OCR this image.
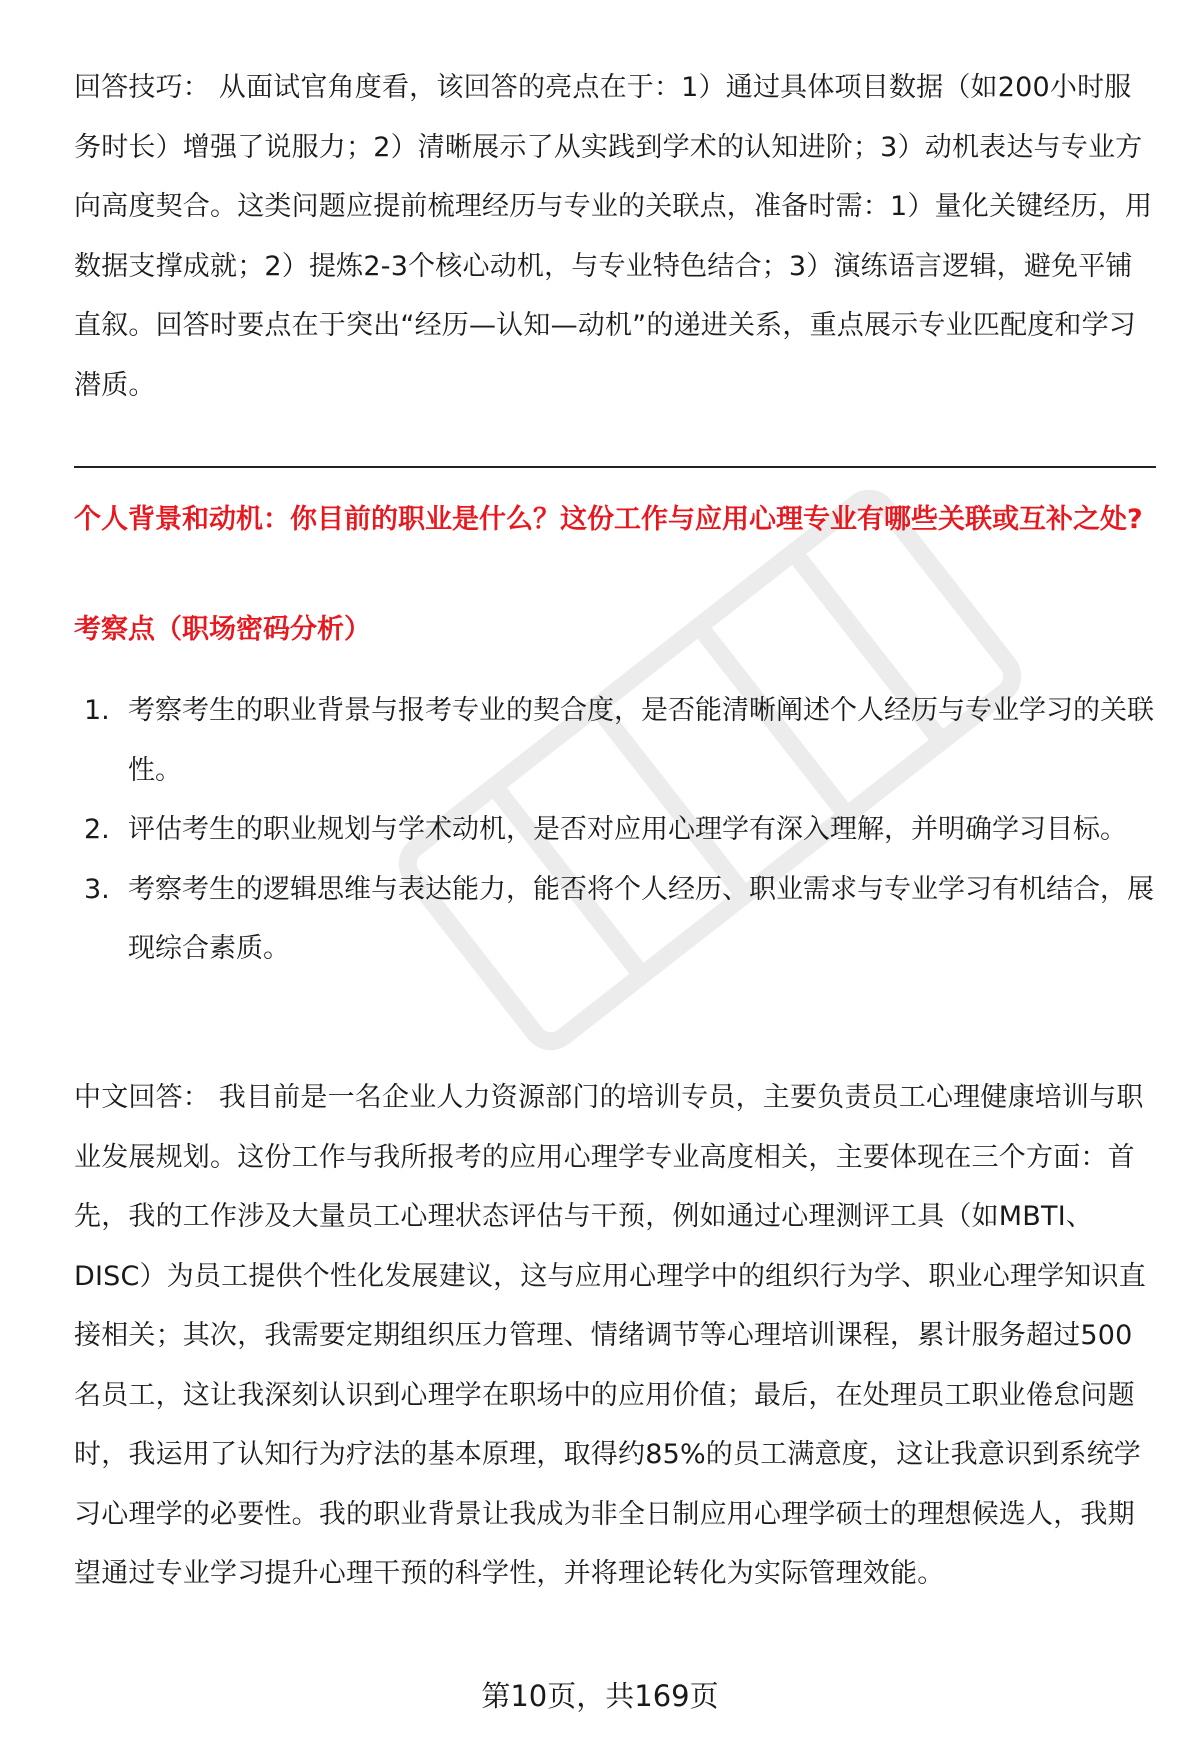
回答技巧： 从面试官角度看，该回答的亮点在于：1）通过具体项目数据（如200小时服务时长）增强了说服力；2）清晰展示了从实践到学术的认知进阶；3）动机表达与专业方向高度契合。这类问题应提前梳理经历与专业的关联点，准备时需：1）量化关键经历，用数据支撑成就；2）提炼2-3个核心动机，与专业特色结合；3）演练语言逻辑，避免平铺直叙。回答时要点在于突出“经历—认知—动机”的递进关系，重点展示专业匹配度和学习潜质。

个人背景和动机：你目前的职业是什么？这份工作与应用心理专业有哪些关联或互补之处?
考察点（职场密码分析）
1. 考察考生的职业背景与报考专业的契合度，是否能清晰阐述个人经历与专业学习的关联性。
2. 评估考生的职业规划与学术动机，是否对应用心理学有深入理解，并明确学习目标。
3. 考察考生的逻辑思维与表达能力，能否将个人经历、职业需求与专业学习有机结合，展现综合素质。

中文回答： 我目前是一名企业人力资源部门的培训专员，主要负责员工心理健康培训与职业发展规划。这份工作与我所报考的应用心理学专业高度相关，主要体现在三个方面：首先，我的工作涉及大量员工心理状态评估与干预，例如通过心理测评工具（如MBTI、DISC）为员工提供个性化发展建议，这与应用心理学中的组织行为学、职业心理学知识直接相关；其次，我需要定期组织压力管理、情绪调节等心理培训课程，累计服务超过500名员工，这让我深刻认识到心理学在职场中的应用价值；最后，在处理员工职业倦怠问题时，我运用了认知行为疗法的基本原理，取得约85%的员工满意度，这让我意识到系统学习心理学的必要性。我的职业背景让我成为非全日制应用心理学硕士的理想候选人，我期望通过专业学习提升心理干预的科学性，并将理论转化为实际管理效能。

第10页，共169页
